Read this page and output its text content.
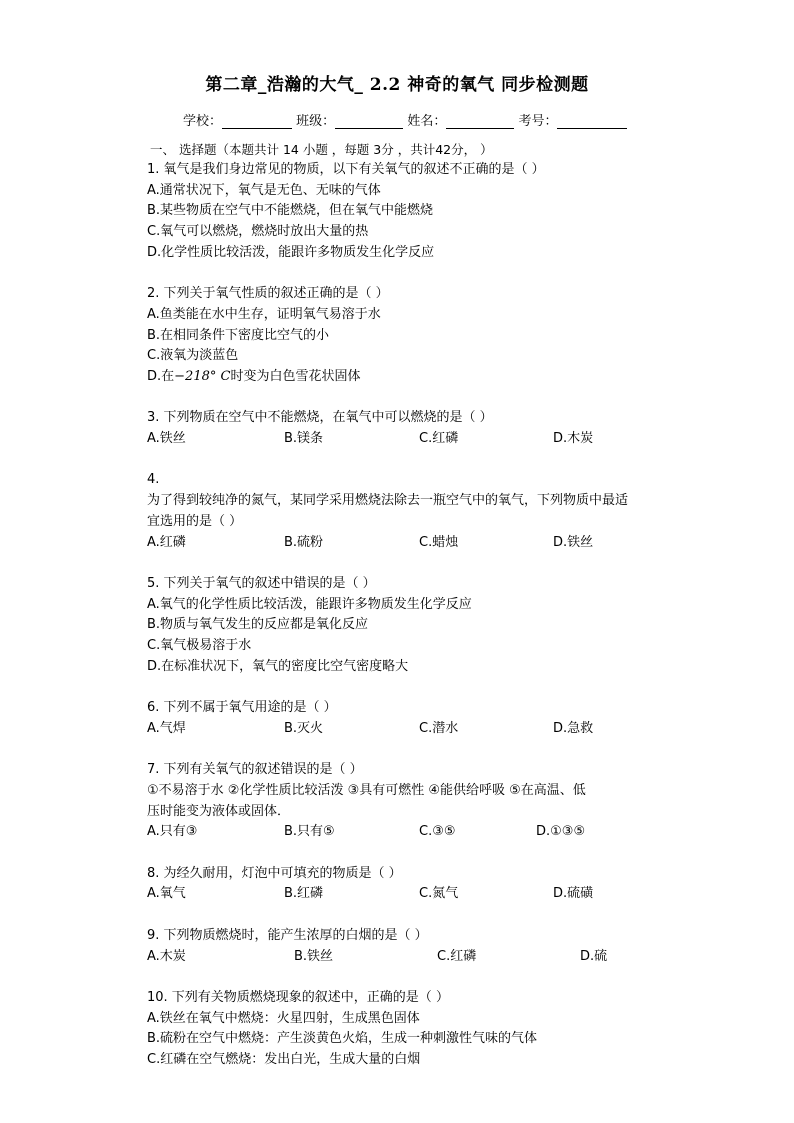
第二章_浩瀚的大气_ 2.2 神奇的氧气 同步检测题
学校：	班级：	姓名：	考号：
一、 选择题（本题共计 14 小题 ，每题 3分 ，共计42分， ）
1. 氧气是我们身边常见的物质，以下有关氧气的叙述不正确的是（ ）
A.通常状况下，氧气是无色、无味的气体
B.某些物质在空气中不能燃烧，但在氧气中能燃烧
C.氧气可以燃烧，燃烧时放出大量的热
D.化学性质比较活泼，能跟许多物质发生化学反应
2. 下列关于氧气性质的叙述正确的是（ ）
A.鱼类能在水中生存，证明氧气易溶于水
B.在相同条件下密度比空气的小
C.液氧为淡蓝色
D.在−218° C时变为白色雪花状固体
3. 下列物质在空气中不能燃烧，在氧气中可以燃烧的是（ ）
A.铁丝	B.镁条	C.红磷	D.木炭
4.
为了得到较纯净的氮气，某同学采用燃烧法除去一瓶空气中的氧气，下列物质中最适
宜选用的是（ ）
A.红磷	B.硫粉	C.蜡烛	D.铁丝
5. 下列关于氧气的叙述中错误的是（ ）
A.氧气的化学性质比较活泼，能跟许多物质发生化学反应
B.物质与氧气发生的反应都是氧化反应
C.氧气极易溶于水
D.在标准状况下，氧气的密度比空气密度略大
6. 下列不属于氧气用途的是（ ）
A.气焊	B.灭火	C.潜水	D.急救
7. 下列有关氧气的叙述错误的是（ ）
①不易溶于水 ②化学性质比较活泼 ③具有可燃性 ④能供给呼吸 ⑤在高温、低
压时能变为液体或固体．
A.只有③	B.只有⑤	C.③⑤	D.①③⑤
8. 为经久耐用，灯泡中可填充的物质是（ ）
A.氧气	B.红磷	C.氮气	D.硫磺
9. 下列物质燃烧时，能产生浓厚的白烟的是（ ）
A.木炭	B.铁丝	C.红磷	D.硫
10. 下列有关物质燃烧现象的叙述中，正确的是（ ）
A.铁丝在氧气中燃烧：火星四射，生成黑色固体
B.硫粉在空气中燃烧：产生淡黄色火焰，生成一种刺激性气味的气体
C.红磷在空气燃烧：发出白光，生成大量的白烟
